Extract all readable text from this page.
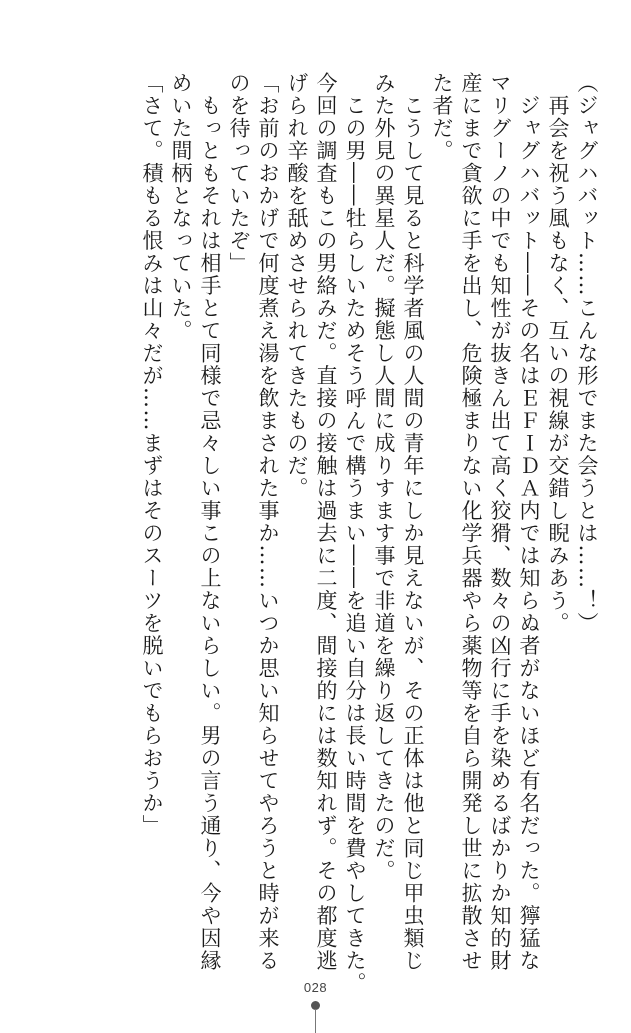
（ジャグハバット……こんな形でまた会うとは……！）

　再会を祝う風もなく、互いの視線が交錯し睨みあう。

　ジャグハバット――その名はＥＦＩＤＡ内では知らぬ者がないほど有名だった。獰猛な

マリグーノの中でも知性が抜きん出て高く狡猾、数々の凶行に手を染めるばかりか知的財

産にまで貪欲に手を出し、危険極まりない化学兵器やら薬物等を自ら開発し世に拡散させ

た者だ。

　こうして見ると科学者風の人間の青年にしか見えないが、その正体は他と同じ甲虫類じ

みた外見の異星人だ。擬態し人間に成りすます事で非道を繰り返してきたのだ。

　この男――牡らしいためそう呼んで構うまい――を追い自分は長い時間を費やしてきた。

今回の調査もこの男絡みだ。直接の接触は過去に二度、間接的には数知れず。その都度逃

げられ辛酸を舐めさせられてきたものだ。

「お前のおかげで何度煮え湯を飲まされた事か……いつか思い知らせてやろうと時が来る

のを待っていたぞ」

　もっともそれは相手とて同様で忌々しい事この上ないらしい。男の言う通り、今や因縁

めいた間柄となっていた。

「さて。積もる恨みは山々だが……まずはそのスーツを脱いでもらおうか」

028
